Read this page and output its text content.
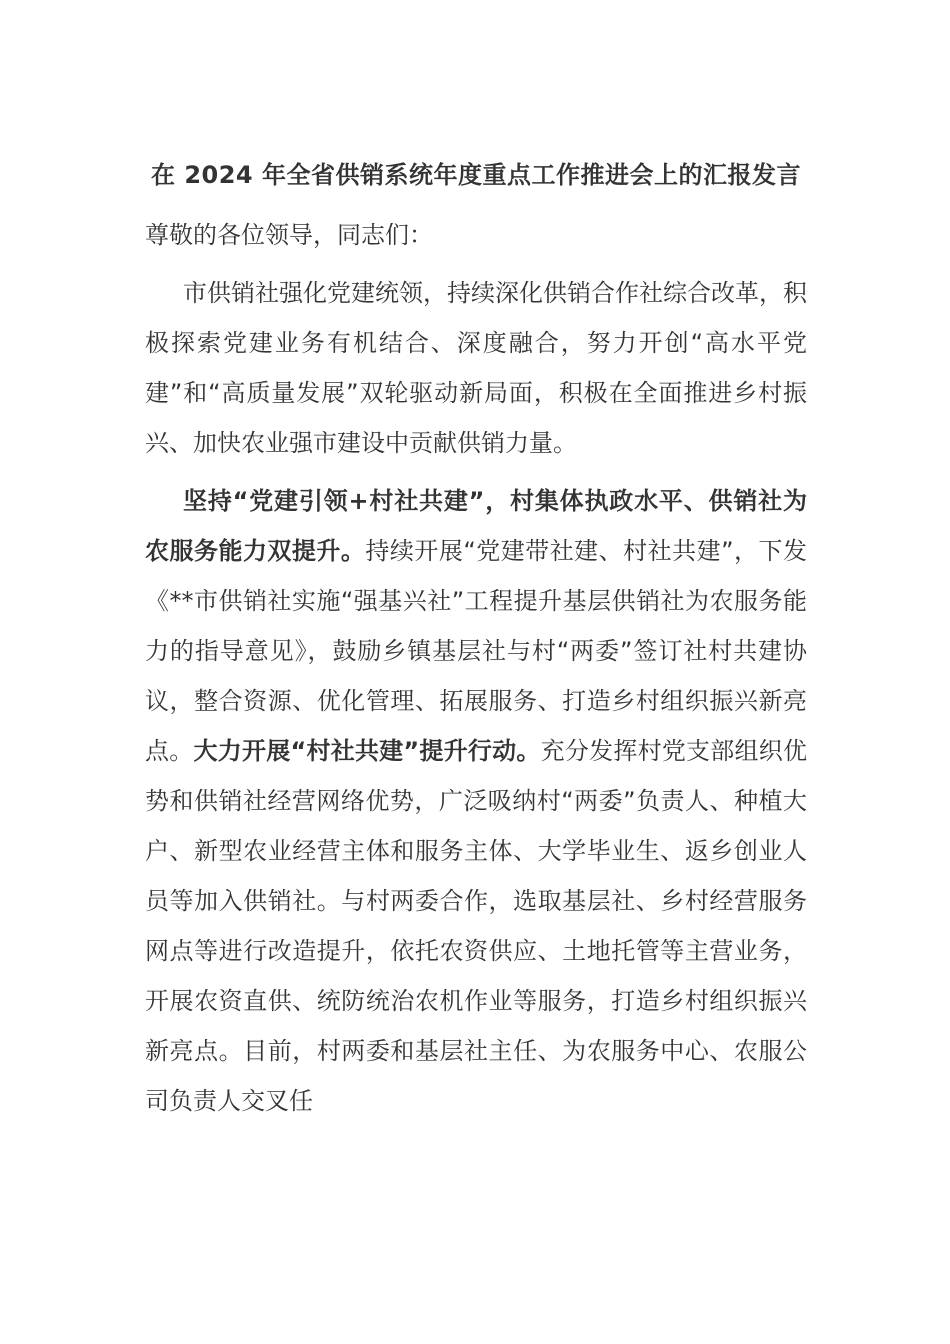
在 2024 年全省供销系统年度重点工作推进会上的汇报发言

尊敬的各位领导，同志们：

市供销社强化党建统领，持续深化供销合作社综合改革，积极探索党建业务有机结合、深度融合，努力开创“高水平党建”和“高质量发展”双轮驱动新局面，积极在全面推进乡村振兴、加快农业强市建设中贡献供销力量。

坚持“党建引领+村社共建”，村集体执政水平、供销社为农服务能力双提升。持续开展“党建带社建、村社共建”，下发《**市供销社实施“强基兴社”工程提升基层供销社为农服务能力的指导意见》，鼓励乡镇基层社与村“两委”签订社村共建协议，整合资源、优化管理、拓展服务、打造乡村组织振兴新亮点。大力开展“村社共建”提升行动。充分发挥村党支部组织优势和供销社经营网络优势，广泛吸纳村“两委”负责人、种植大户、新型农业经营主体和服务主体、大学毕业生、返乡创业人员等加入供销社。与村两委合作，选取基层社、乡村经营服务网点等进行改造提升，依托农资供应、土地托管等主营业务，开展农资直供、统防统治农机作业等服务，打造乡村组织振兴新亮点。目前，村两委和基层社主任、为农服务中心、农服公司负责人交叉任
